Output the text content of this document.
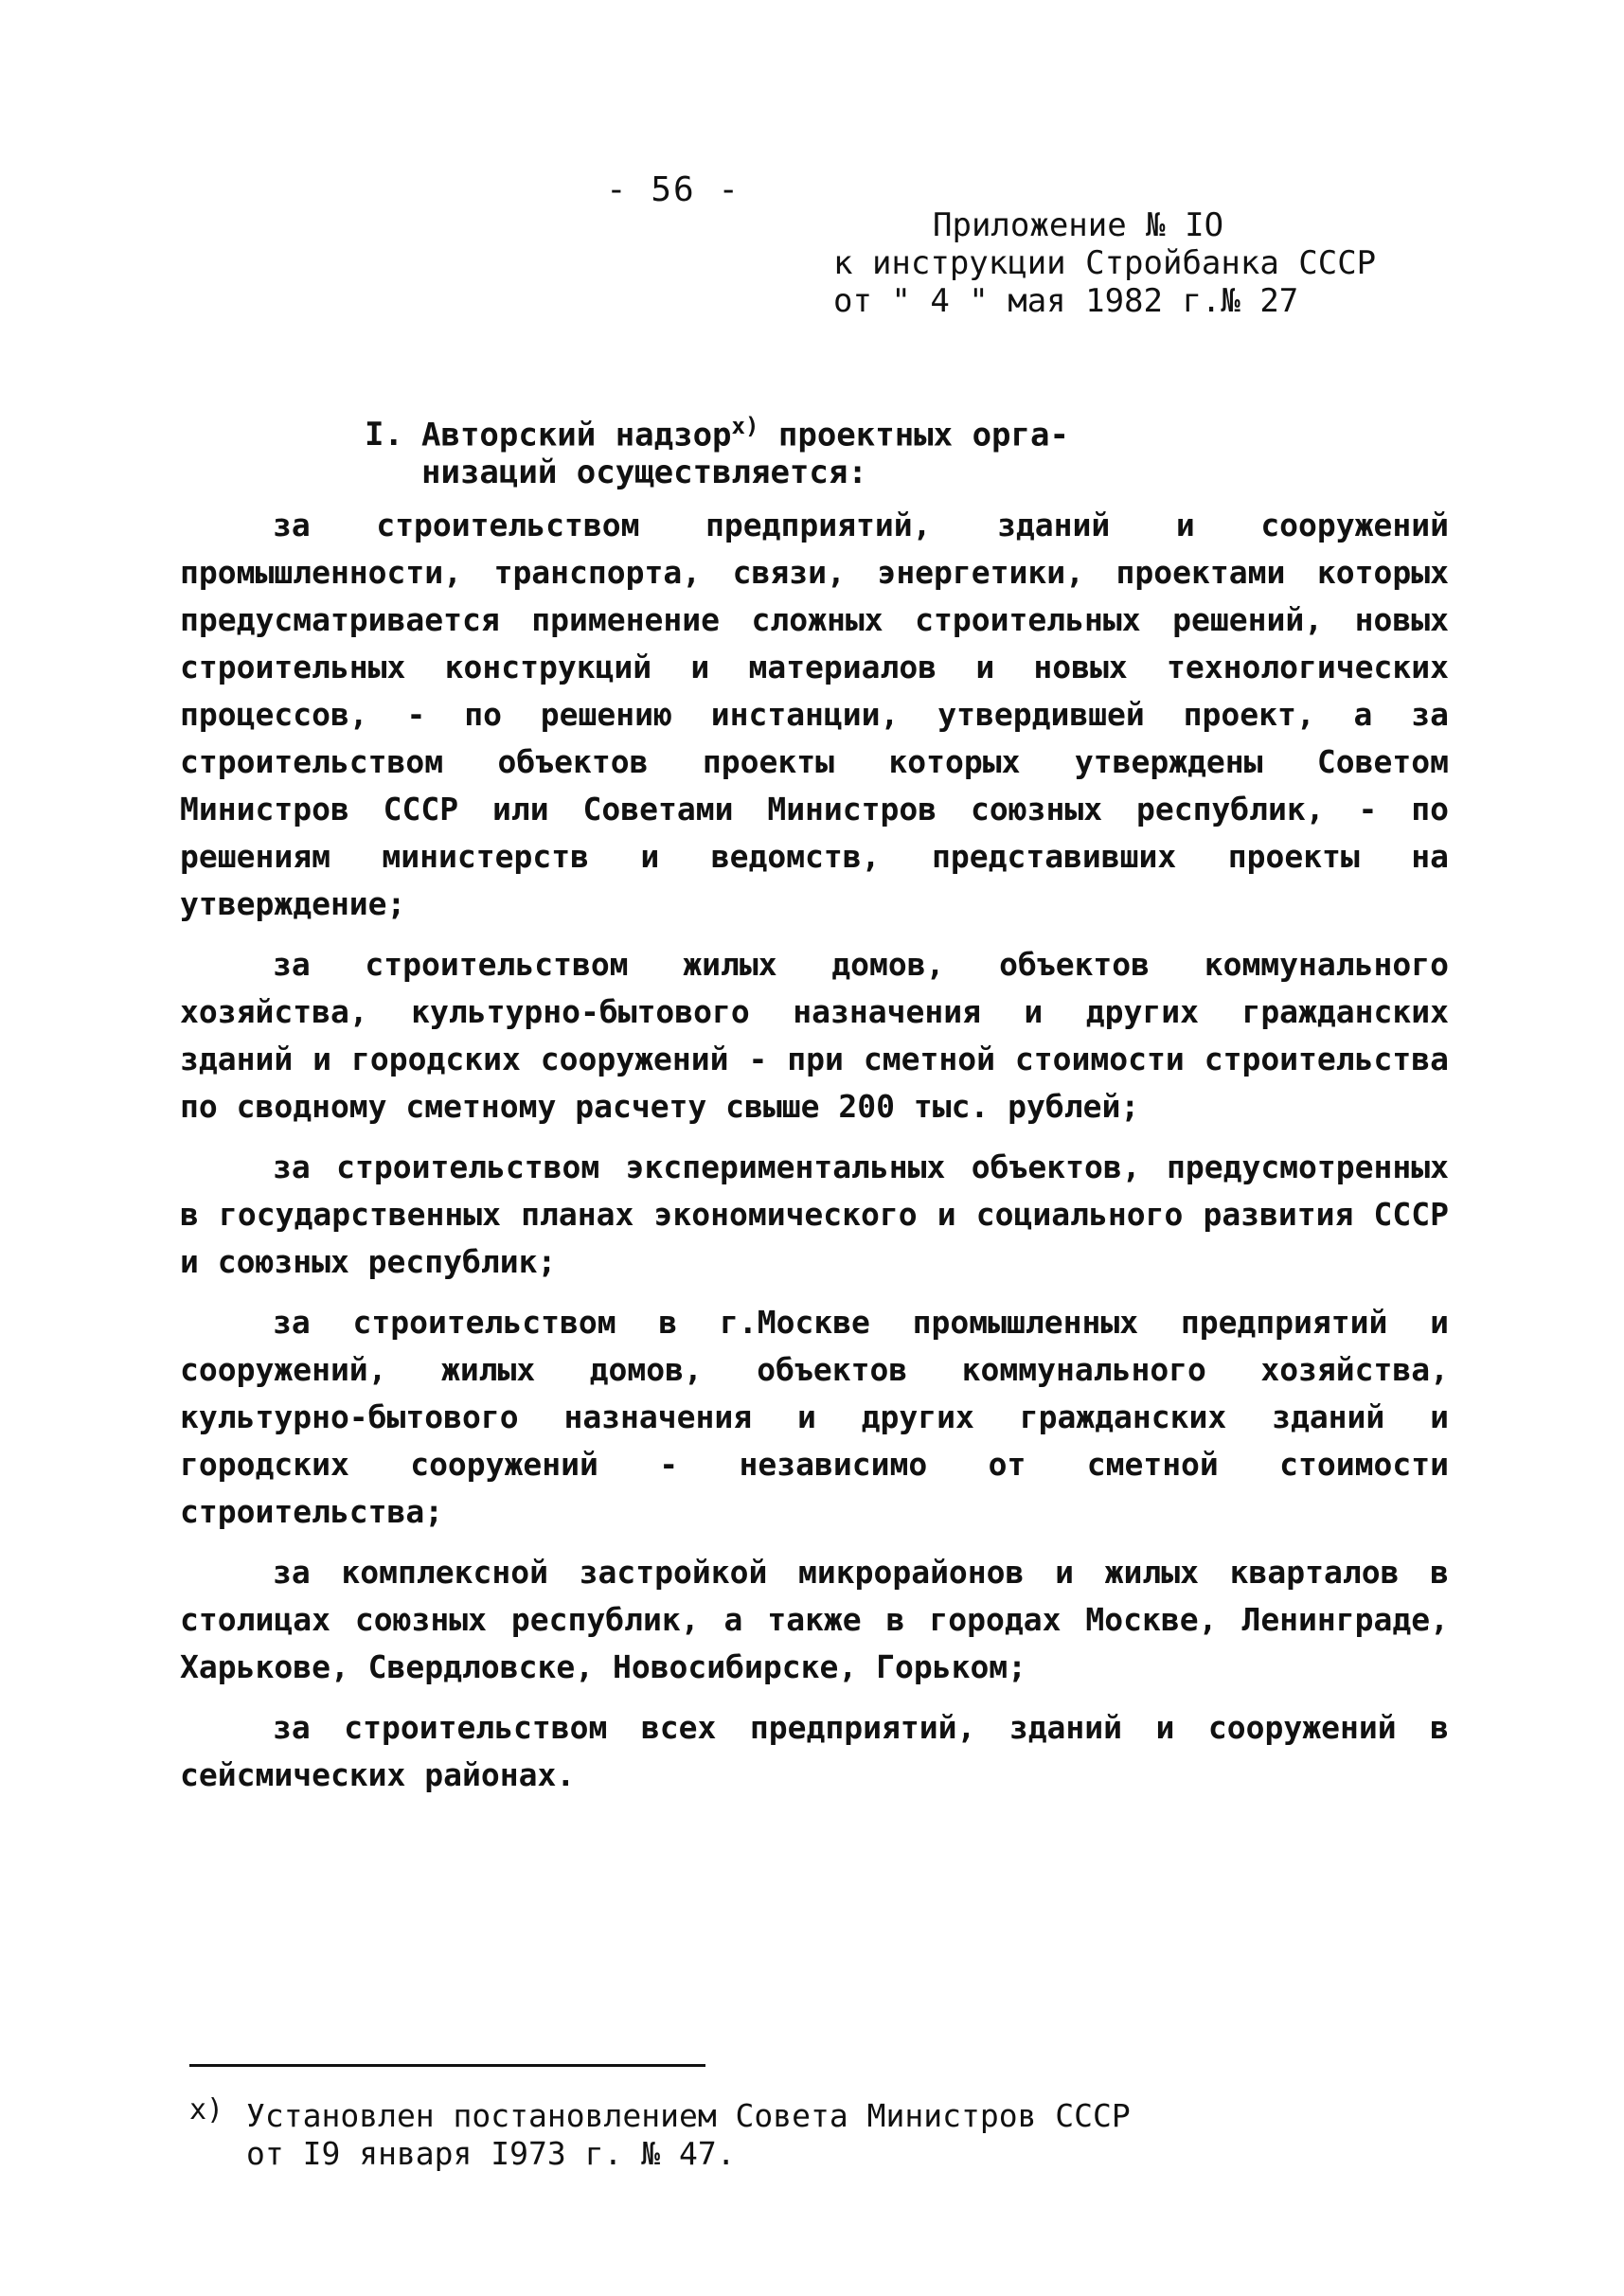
- 56 -
Приложение № IO
к инструкции Стройбанка СССР
от " 4 " мая 1982 г.№ 27
I. Авторский надзор$^{x)}$ проектных орга-
низаций осуществляется:

за строительством предприятий, зданий и сооружений промышленности, транспорта, связи, энергетики, проектами которых предусматривается применение сложных строительных решений, новых строительных конструкций и материалов и новых технологических процессов, - по решению инстанции, утвердившей проект, а за строительством объектов проекты которых утверждены Советом Министров СССР или Советами Министров союзных республик, - по решениям министерств и ведомств, представивших проекты на утверждение;

за строительством жилых домов, объектов коммунального хозяйства, культурно-бытового назначения и других гражданских зданий и городских сооружений - при сметной стоимости строительства по сводному сметному расчету свыше 200 тыс. рублей;

за строительством экспериментальных объектов, предусмотренных в государственных планах экономического и социального развития СССР и союзных республик;

за строительством в г.Москве промышленных предприятий и сооружений, жилых домов, объектов коммунального хозяйства, культурно-бытового назначения и других гражданских зданий и городских сооружений - независимо от сметной стоимости строительства;

за комплексной застройкой микрорайонов и жилых кварталов в столицах союзных республик, а также в городах Москве, Ленинграде, Харькове, Свердловске, Новосибирске, Горьком;

за строительством всех предприятий, зданий и сооружений в сейсмических районах.

x) Установлен постановлением Совета Министров СССР
от I9 января I973 г. № 47.
